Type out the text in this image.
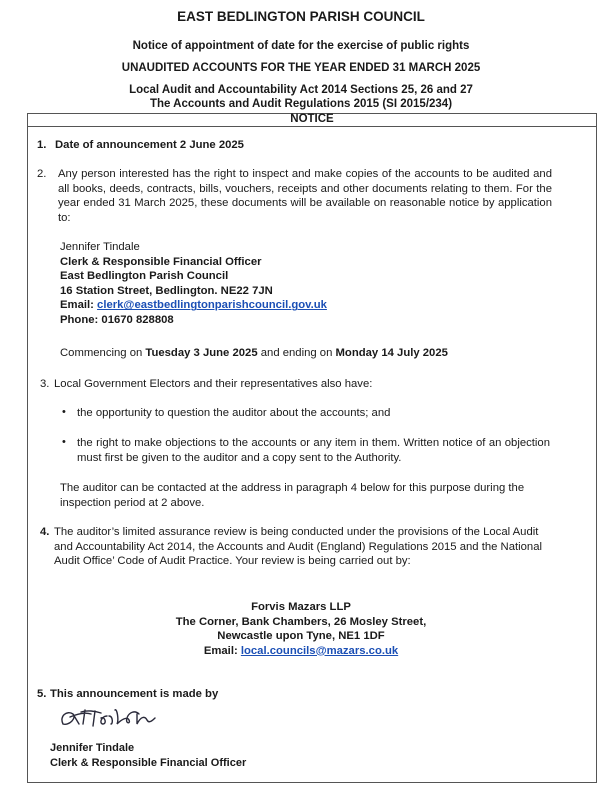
EAST BEDLINGTON PARISH COUNCIL
Notice of appointment of date for the exercise of public rights
UNAUDITED ACCOUNTS FOR THE YEAR ENDED 31 MARCH 2025
Local Audit and Accountability Act 2014 Sections 25, 26 and 27
The Accounts and Audit Regulations 2015 (SI 2015/234)
NOTICE
1. Date of announcement 2 June 2025
2. Any person interested has the right to inspect and make copies of the accounts to be audited and all books, deeds, contracts, bills, vouchers, receipts and other documents relating to them. For the year ended 31 March 2025, these documents will be available on reasonable notice by application to:
Jennifer Tindale
Clerk & Responsible Financial Officer
East Bedlington Parish Council
16 Station Street, Bedlington. NE22 7JN
Email: clerk@eastbedlingtonparishcouncil.gov.uk
Phone: 01670 828808
Commencing on Tuesday 3 June 2025 and ending on Monday 14 July 2025
3. Local Government Electors and their representatives also have:
• the opportunity to question the auditor about the accounts; and
• the right to make objections to the accounts or any item in them. Written notice of an objection must first be given to the auditor and a copy sent to the Authority.
The auditor can be contacted at the address in paragraph 4 below for this purpose during the inspection period at 2 above.
4. The auditor’s limited assurance review is being conducted under the provisions of the Local Audit and Accountability Act 2014, the Accounts and Audit (England) Regulations 2015 and the National Audit Office’ Code of Audit Practice. Your review is being carried out by:
Forvis Mazars LLP
The Corner, Bank Chambers, 26 Mosley Street,
Newcastle upon Tyne, NE1 1DF
Email: local.councils@mazars.co.uk
5. This announcement is made by
Jennifer Tindale
Clerk & Responsible Financial Officer
